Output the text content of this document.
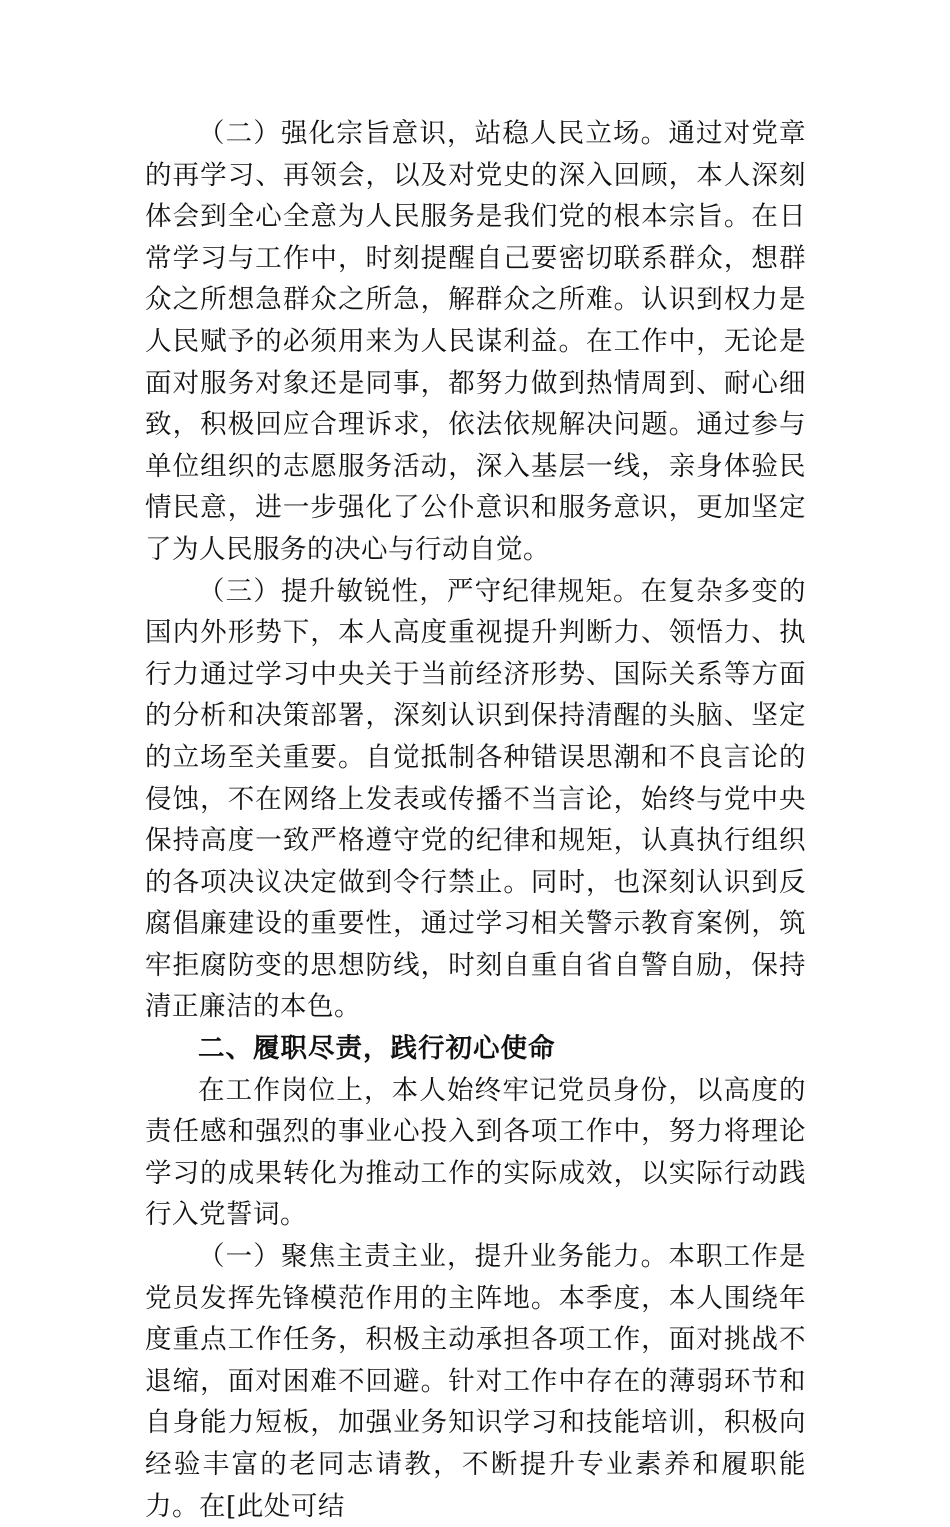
（二）强化宗旨意识，站稳人民立场。通过对党章的再学习、再领会，以及对党史的深入回顾，本人深刻体会到全心全意为人民服务是我们党的根本宗旨。在日常学习与工作中，时刻提醒自己要密切联系群众，想群众之所想急群众之所急，解群众之所难。认识到权力是人民赋予的必须用来为人民谋利益。在工作中，无论是面对服务对象还是同事，都努力做到热情周到、耐心细致，积极回应合理诉求，依法依规解决问题。通过参与单位组织的志愿服务活动，深入基层一线，亲身体验民情民意，进一步强化了公仆意识和服务意识，更加坚定了为人民服务的决心与行动自觉。

（三）提升敏锐性，严守纪律规矩。在复杂多变的国内外形势下，本人高度重视提升判断力、领悟力、执行力通过学习中央关于当前经济形势、国际关系等方面的分析和决策部署，深刻认识到保持清醒的头脑、坚定的立场至关重要。自觉抵制各种错误思潮和不良言论的侵蚀，不在网络上发表或传播不当言论，始终与党中央保持高度一致严格遵守党的纪律和规矩，认真执行组织的各项决议决定做到令行禁止。同时，也深刻认识到反腐倡廉建设的重要性，通过学习相关警示教育案例，筑牢拒腐防变的思想防线，时刻自重自省自警自励，保持清正廉洁的本色。

二、履职尽责，践行初心使命

在工作岗位上，本人始终牢记党员身份，以高度的责任感和强烈的事业心投入到各项工作中，努力将理论学习的成果转化为推动工作的实际成效，以实际行动践行入党誓词。

（一）聚焦主责主业，提升业务能力。本职工作是党员发挥先锋模范作用的主阵地。本季度，本人围绕年度重点工作任务，积极主动承担各项工作，面对挑战不退缩，面对困难不回避。针对工作中存在的薄弱环节和自身能力短板，加强业务知识学习和技能培训，积极向经验丰富的老同志请教，不断提升专业素养和履职能力。在[此处可结
